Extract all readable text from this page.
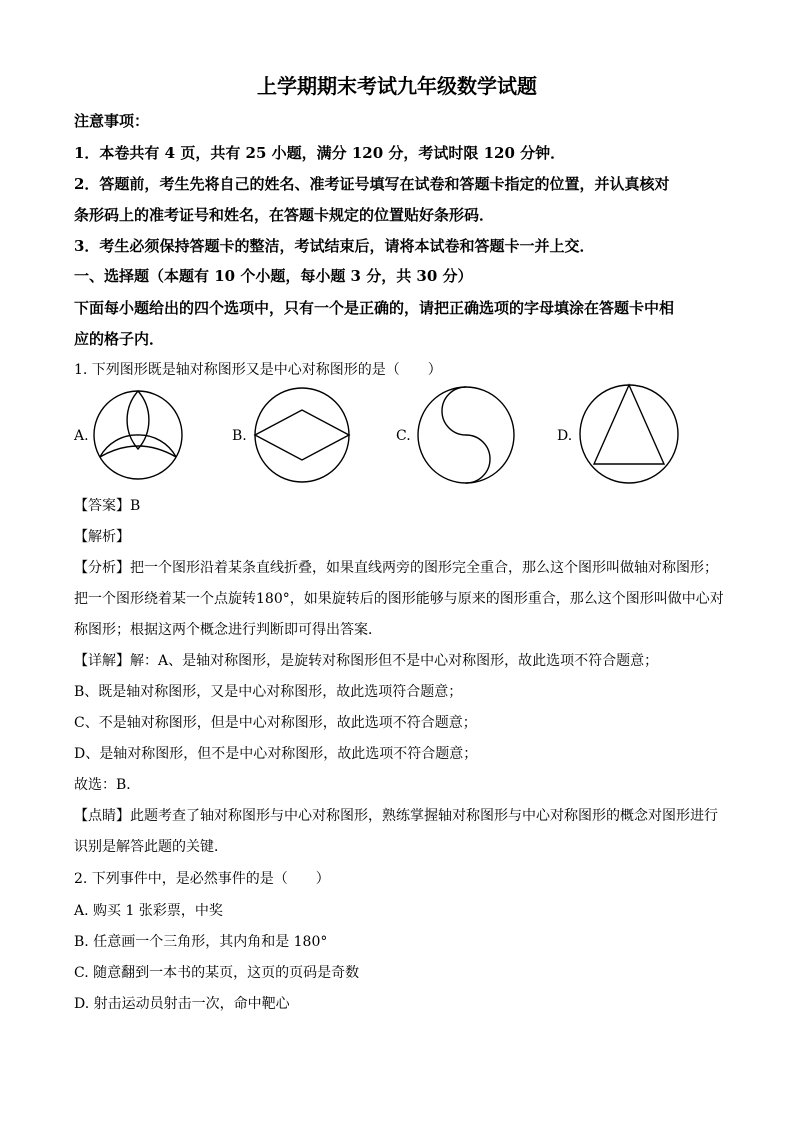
上学期期末考试九年级数学试题
注意事项：
1．本卷共有 4 页，共有 25 小题，满分 120 分，考试时限 120 分钟．
2．答题前，考生先将自己的姓名、准考证号填写在试卷和答题卡指定的位置，并认真核对
条形码上的准考证号和姓名，在答题卡规定的位置贴好条形码．
3．考生必须保持答题卡的整洁，考试结束后，请将本试卷和答题卡一并上交．
一、选择题（本题有 10 个小题，每小题 3 分，共 30 分）
下面每小题给出的四个选项中，只有一个是正确的，请把正确选项的字母填涂在答题卡中相
应的格子内．
1. 下列图形既是轴对称图形又是中心对称图形的是（　　）
A.	B.	C.	D.
【答案】B
【解析】
【分析】把一个图形沿着某条直线折叠，如果直线两旁的图形完全重合，那么这个图形叫做轴对称图形；
把一个图形绕着某一个点旋转180°，如果旋转后的图形能够与原来的图形重合，那么这个图形叫做中心对
称图形；根据这两个概念进行判断即可得出答案．
【详解】解：A、是轴对称图形，是旋转对称图形但不是中心对称图形，故此选项不符合题意；
B、既是轴对称图形，又是中心对称图形，故此选项符合题意；
C、不是轴对称图形，但是中心对称图形，故此选项不符合题意；
D、是轴对称图形，但不是中心对称图形，故此选项不符合题意；
故选：B．
【点睛】此题考查了轴对称图形与中心对称图形，熟练掌握轴对称图形与中心对称图形的概念对图形进行
识别是解答此题的关键．
2. 下列事件中，是必然事件的是（　　）
A. 购买 1 张彩票，中奖
B. 任意画一个三角形，其内角和是 180°
C. 随意翻到一本书的某页，这页的页码是奇数
D. 射击运动员射击一次，命中靶心
